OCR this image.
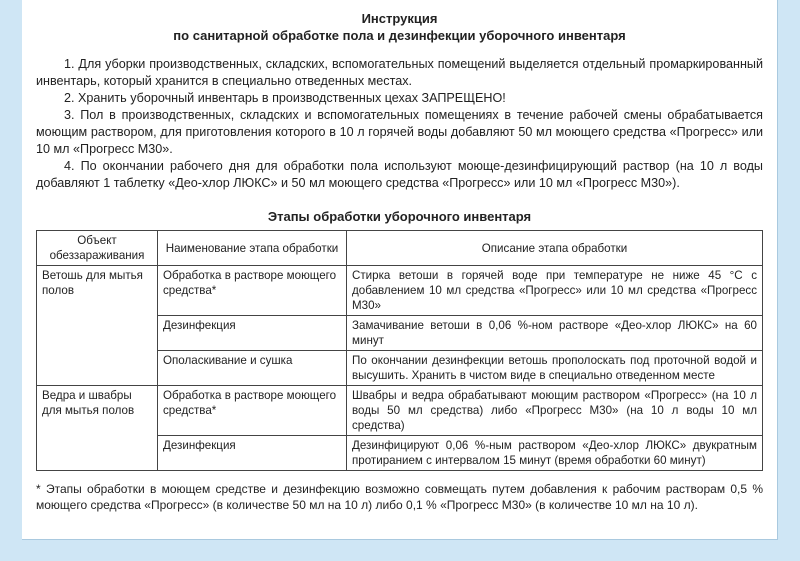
Инструкция
по санитарной обработке пола и дезинфекции уборочного инвентаря
1. Для уборки производственных, складских, вспомогательных помещений выделяется отдельный промаркированный инвентарь, который хранится в специально отведенных местах.
2. Хранить уборочный инвентарь в производственных цехах ЗАПРЕЩЕНО!
3. Пол в производственных, складских и вспомогательных помещениях в течение рабочей смены обрабатывается моющим раствором, для приготовления которого в 10 л горячей воды добавляют 50 мл моющего средства «Прогресс» или 10 мл «Прогресс М30».
4. По окончании рабочего дня для обработки пола используют моюще-дезинфицирующий раствор (на 10 л воды добавляют 1 таблетку «Део-хлор ЛЮКС» и 50 мл моющего средства «Прогресс» или 10 мл «Прогресс М30»).
Этапы обработки уборочного инвентаря
Объект обеззараживания	Наименование этапа обработки	Описание этапа обработки
Ветошь для мытья полов	Обработка в растворе моющего средства*	Стирка ветоши в горячей воде при температуре не ниже 45 °С с добавлением 10 мл средства «Прогресс» или 10 мл средства «Прогресс М30»
	Дезинфекция	Замачивание ветоши в 0,06 %-ном растворе «Део-хлор ЛЮКС» на 60 минут
	Ополаскивание и сушка	По окончании дезинфекции ветошь прополоскать под проточной водой и высушить. Хранить в чистом виде в специально отведенном месте
Ведра и швабры для мытья полов	Обработка в растворе моющего средства*	Швабры и ведра обрабатывают моющим раствором «Прогресс» (на 10 л воды 50 мл средства) либо «Прогресс М30» (на 10 л воды 10 мл средства)
	Дезинфекция	Дезинфицируют 0,06 %-ным раствором «Део-хлор ЛЮКС» двукратным протиранием с интервалом 15 минут (время обработки 60 минут)
* Этапы обработки в моющем средстве и дезинфекцию возможно совмещать путем добавления к рабочим растворам 0,5 % моющего средства «Прогресс» (в количестве 50 мл на 10 л) либо 0,1 % «Прогресс М30» (в количестве 10 мл на 10 л).
